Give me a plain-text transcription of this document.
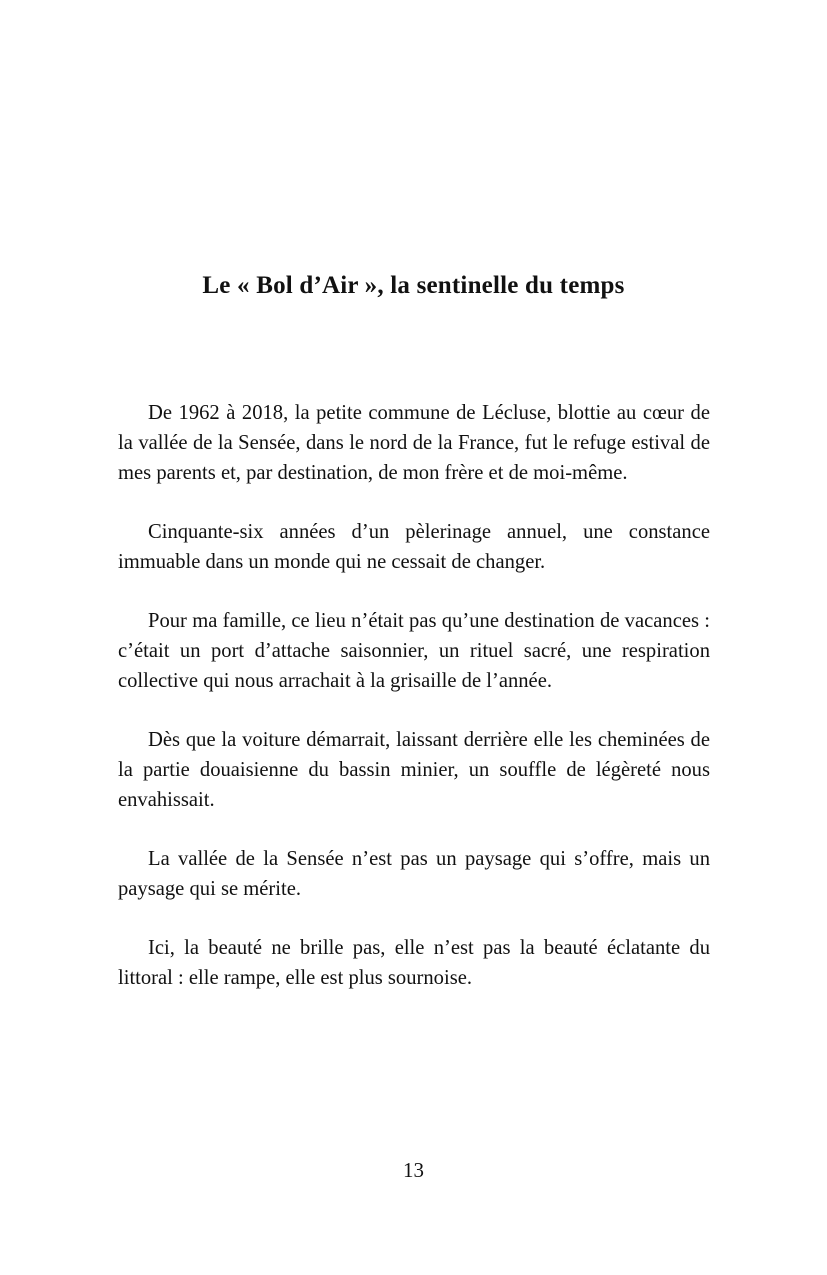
Le « Bol d’Air », la sentinelle du temps

De 1962 à 2018, la petite commune de Lécluse, blottie au cœur de la vallée de la Sensée, dans le nord de la France, fut le refuge estival de mes parents et, par destination, de mon frère et de moi-même.

Cinquante-six années d’un pèlerinage annuel, une constance immuable dans un monde qui ne cessait de changer.

Pour ma famille, ce lieu n’était pas qu’une destination de vacances : c’était un port d’attache saisonnier, un rituel sacré, une respiration collective qui nous arrachait à la grisaille de l’année.

Dès que la voiture démarrait, laissant derrière elle les cheminées de la partie douaisienne du bassin minier, un souffle de légèreté nous envahissait.

La vallée de la Sensée n’est pas un paysage qui s’offre, mais un paysage qui se mérite.

Ici, la beauté ne brille pas, elle n’est pas la beauté éclatante du littoral : elle rampe, elle est plus sournoise.

13
